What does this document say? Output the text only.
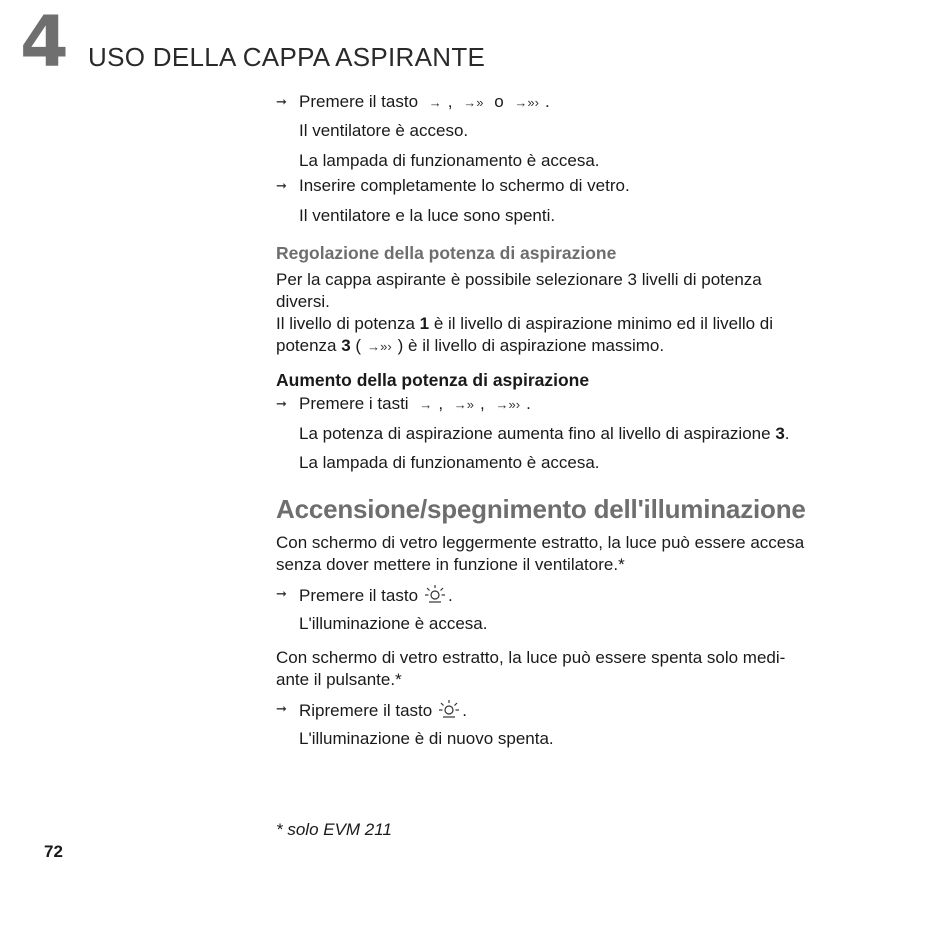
4 USO DELLA CAPPA ASPIRANTE
➞ Premere il tasto → , →» o →»› .
Il ventilatore è acceso.
La lampada di funzionamento è accesa.
➞ Inserire completamente lo schermo di vetro.
Il ventilatore e la luce sono spenti.
Regolazione della potenza di aspirazione
Per la cappa aspirante è possibile selezionare 3 livelli di potenza
diversi.
Il livello di potenza 1 è il livello di aspirazione minimo ed il livello di
potenza 3 ( →»› ) è il livello di aspirazione massimo.
Aumento della potenza di aspirazione
➞ Premere i tasti → , →» , →»› .
La potenza di aspirazione aumenta fino al livello di aspirazione 3.
La lampada di funzionamento è accesa.
Accensione/spegnimento dell'illuminazione
Con schermo di vetro leggermente estratto, la luce può essere accesa
senza dover mettere in funzione il ventilatore.*
➞ Premere il tasto .
L'illuminazione è accesa.
Con schermo di vetro estratto, la luce può essere spenta solo medi-
ante il pulsante.*
➞ Ripremere il tasto .
L'illuminazione è di nuovo spenta.
* solo EVM 211
72
